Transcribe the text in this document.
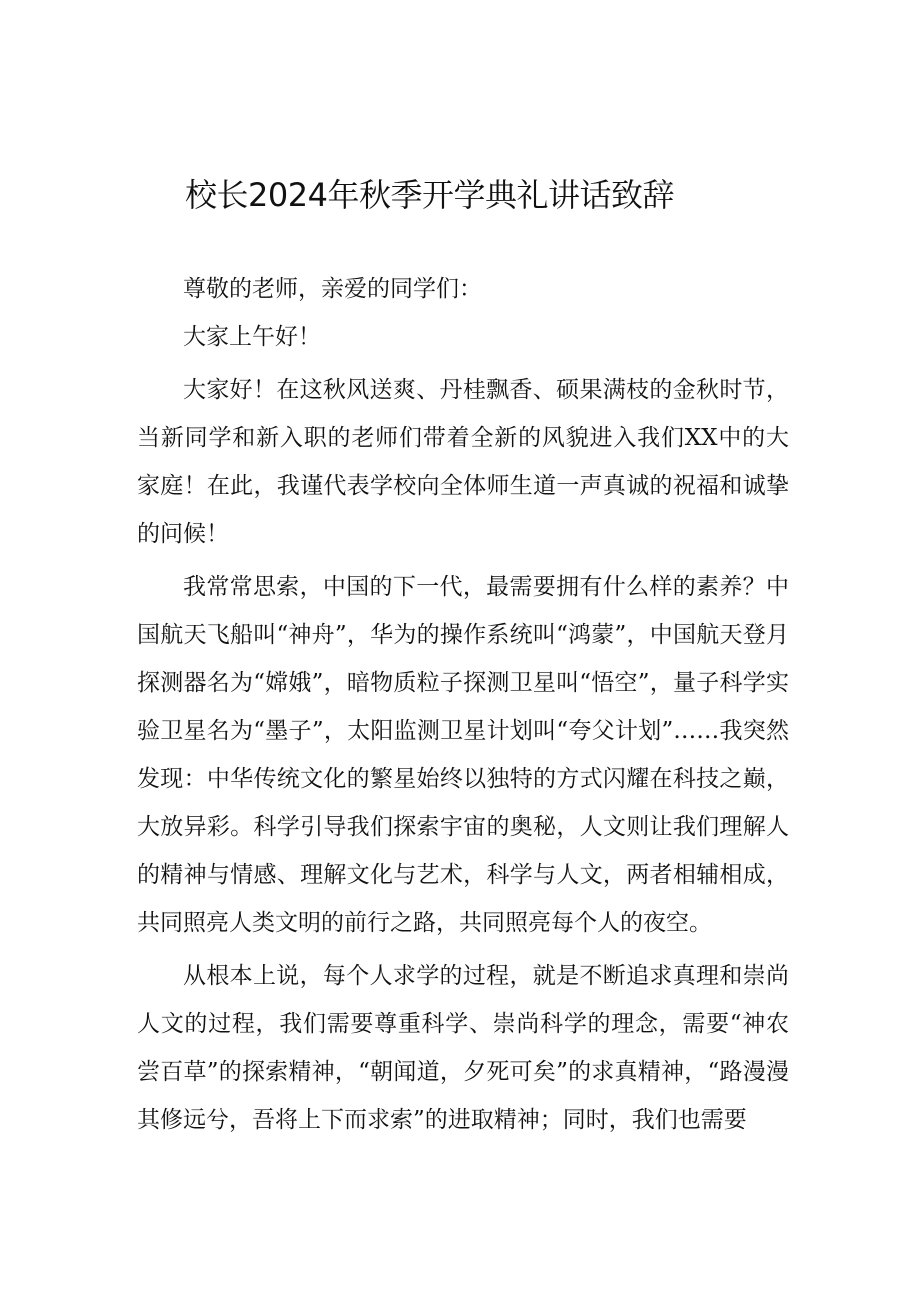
校长2024年秋季开学典礼讲话致辞

尊敬的老师，亲爱的同学们：

大家上午好！

大家好！在这秋风送爽、丹桂飘香、硕果满枝的金秋时节，当新同学和新入职的老师们带着全新的风貌进入我们XX中的大家庭！在此，我谨代表学校向全体师生道一声真诚的祝福和诚挚的问候！

我常常思索，中国的下一代，最需要拥有什么样的素养？中国航天飞船叫“神舟”，华为的操作系统叫“鸿蒙”，中国航天登月探测器名为“嫦娥”，暗物质粒子探测卫星叫“悟空”，量子科学实验卫星名为“墨子”，太阳监测卫星计划叫“夸父计划”……我突然发现：中华传统文化的繁星始终以独特的方式闪耀在科技之巅，大放异彩。科学引导我们探索宇宙的奥秘，人文则让我们理解人的精神与情感、理解文化与艺术，科学与人文，两者相辅相成，共同照亮人类文明的前行之路，共同照亮每个人的夜空。

从根本上说，每个人求学的过程，就是不断追求真理和崇尚人文的过程，我们需要尊重科学、崇尚科学的理念，需要“神农尝百草”的探索精神，“朝闻道，夕死可矣”的求真精神，“路漫漫其修远兮，吾将上下而求索”的进取精神；同时，我们也需要
